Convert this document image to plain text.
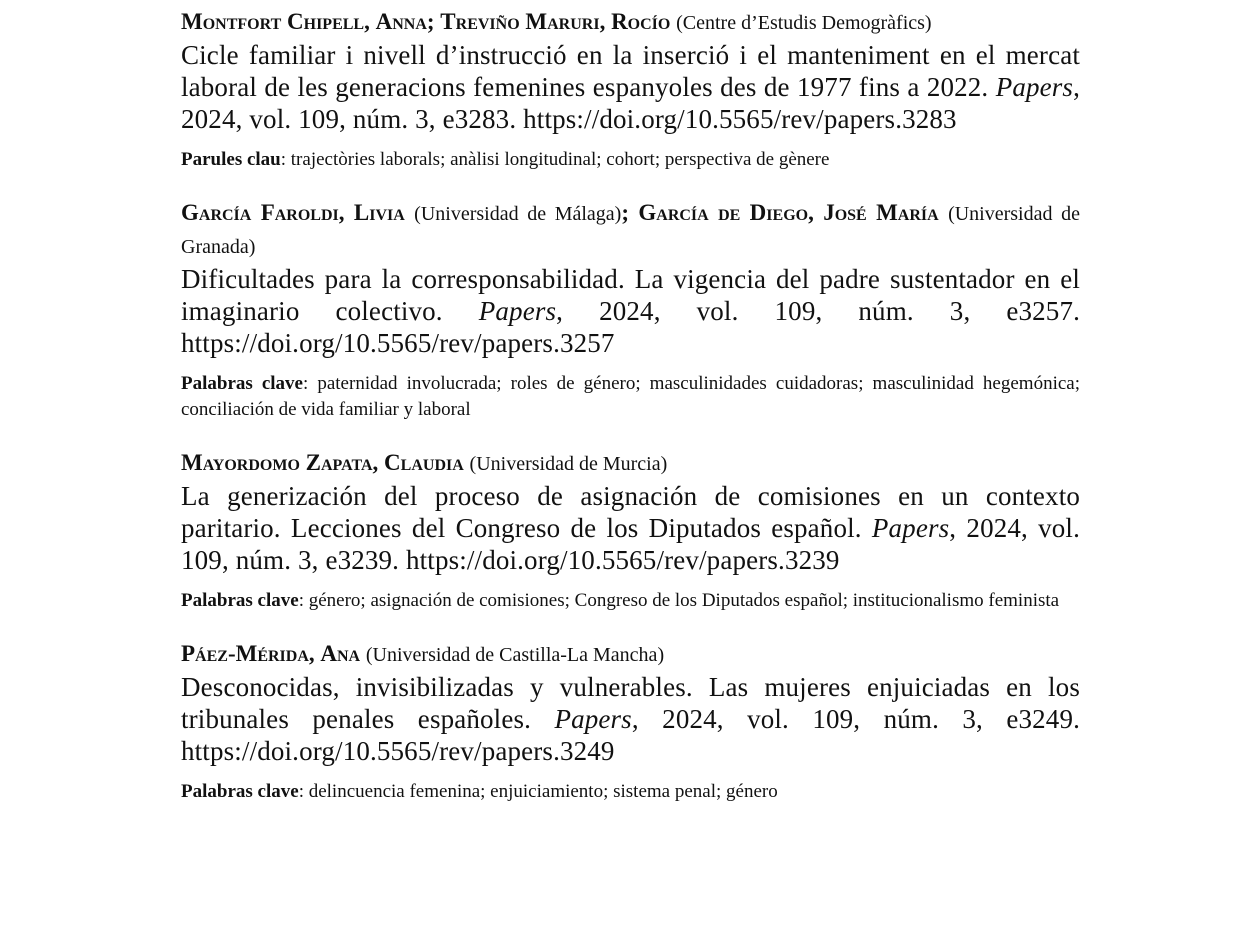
Montfort Chipell, Anna; Treviño Maruri, Rocío (Centre d’Estudis Demogràfics)
Cicle familiar i nivell d’instrucció en la inserció i el manteniment en el mercat laboral de les generacions femenines espanyoles des de 1977 fins a 2022. Papers, 2024, vol. 109, núm. 3, e3283. https://doi.org/10.5565/rev/papers.3283
Parules clau: trajectòries laborals; anàlisi longitudinal; cohort; perspectiva de gènere
García Faroldi, Livia (Universidad de Málaga); García de Diego, José María (Universidad de Granada)
Dificultades para la corresponsabilidad. La vigencia del padre sustentador en el imaginario colectivo. Papers, 2024, vol. 109, núm. 3, e3257. https://doi.org/10.5565/rev/papers.3257
Palabras clave: paternidad involucrada; roles de género; masculinidades cuidadoras; masculinidad hegemónica; conciliación de vida familiar y laboral
Mayordomo Zapata, Claudia (Universidad de Murcia)
La generización del proceso de asignación de comisiones en un contexto paritario. Lecciones del Congreso de los Diputados español. Papers, 2024, vol. 109, núm. 3, e3239. https://doi.org/10.5565/rev/papers.3239
Palabras clave: género; asignación de comisiones; Congreso de los Diputados español; institucionalismo feminista
Páez-Mérida, Ana (Universidad de Castilla-La Mancha)
Desconocidas, invisibilizadas y vulnerables. Las mujeres enjuiciadas en los tribunales penales españoles. Papers, 2024, vol. 109, núm. 3, e3249. https://doi.org/10.5565/rev/papers.3249
Palabras clave: delincuencia femenina; enjuiciamiento; sistema penal; género
